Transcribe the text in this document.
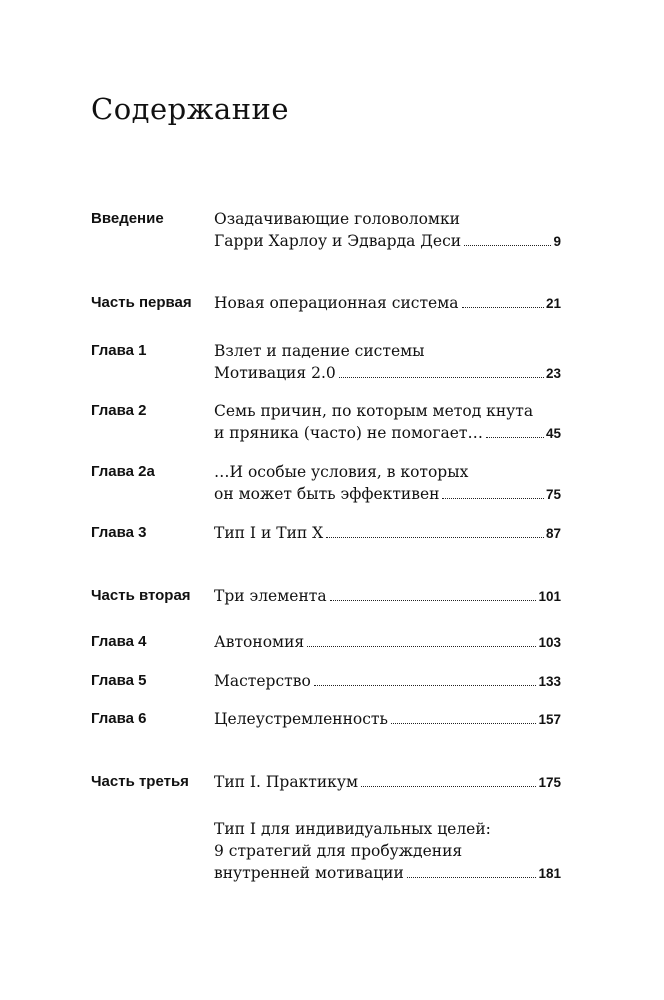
Содержание
Введение	Озадачивающие головоломки
Гарри Харлоу и Эдварда Деси	9
Часть первая Новая операционная система	21
Глава 1	Взлет и падение системы
Мотивация 2.0	23
Глава 2	Семь причин, по которым метод кнута
и пряника (часто) не помогает…	45
Глава 2а	…И особые условия, в которых
он может быть эффективен	75
Глава 3	Тип I и Тип X	87
Часть вторая Три элемента	101
Глава 4	Автономия	103
Глава 5	Мастерство	133
Глава 6	Целеустремленность	157
Часть третья Тип I. Практикум	175
Тип I для индивидуальных целей:
9 стратегий для пробуждения
внутренней мотивации	181
